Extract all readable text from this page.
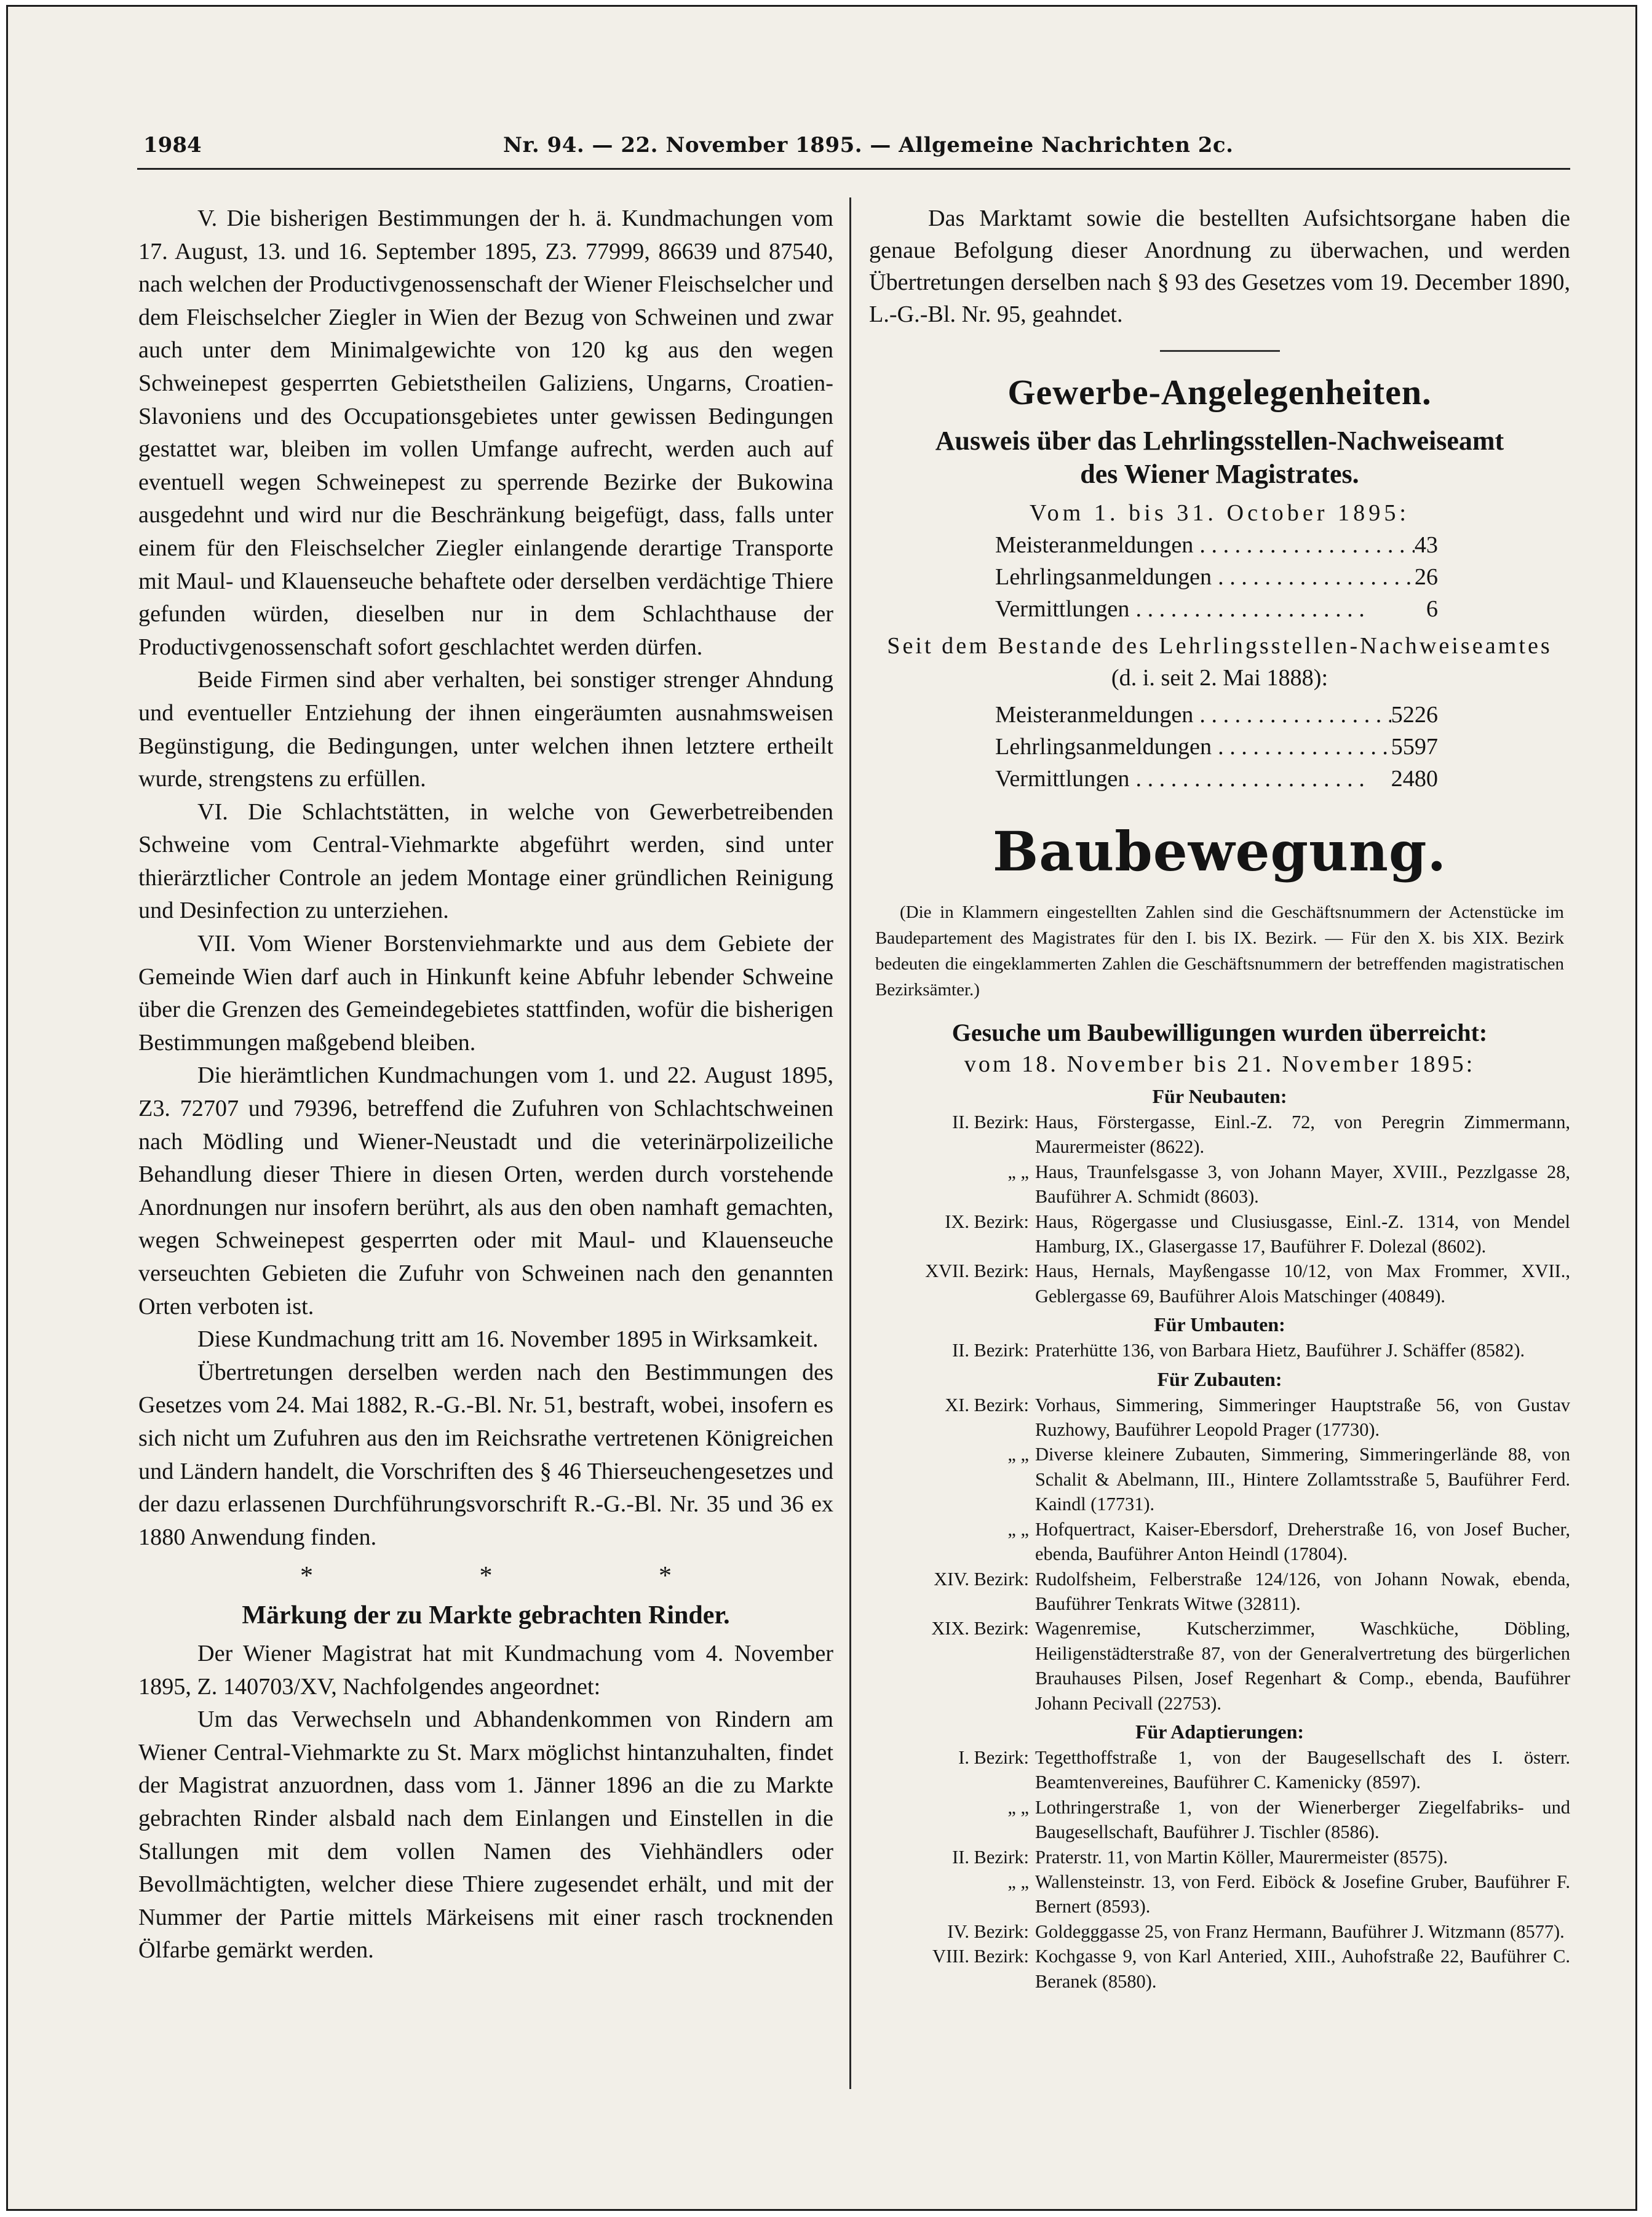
1984	Nr. 94. — 22. November 1895. — Allgemeine Nachrichten 2c.

V. Die bisherigen Bestimmungen der h. ä. Kundmachungen vom 17. August, 13. und 16. September 1895, Z3. 77999, 86639 und 87540, nach welchen der Productivgenossenschaft der Wiener Fleischselcher und dem Fleischselcher Ziegler in Wien der Bezug von Schweinen und zwar auch unter dem Minimalgewichte von 120 kg aus den wegen Schweinepest gesperrten Gebietstheilen Galiziens, Ungarns, Croatien-Slavoniens und des Occupationsgebietes unter gewissen Bedingungen gestattet war, bleiben im vollen Umfange aufrecht, werden auch auf eventuell wegen Schweinepest zu sperrende Bezirke der Bukowina ausgedehnt und wird nur die Beschränkung beigefügt, dass, falls unter einem für den Fleischselcher Ziegler einlangende derartige Transporte mit Maul- und Klauenseuche behaftete oder derselben verdächtige Thiere gefunden würden, dieselben nur in dem Schlachthause der Productivgenossenschaft sofort geschlachtet werden dürfen.

Beide Firmen sind aber verhalten, bei sonstiger strenger Ahndung und eventueller Entziehung der ihnen eingeräumten ausnahmsweisen Begünstigung, die Bedingungen, unter welchen ihnen letztere ertheilt wurde, strengstens zu erfüllen.

VI. Die Schlachtstätten, in welche von Gewerbetreibenden Schweine vom Central-Viehmarkte abgeführt werden, sind unter thierärztlicher Controle an jedem Montage einer gründlichen Reinigung und Desinfection zu unterziehen.

VII. Vom Wiener Borstenviehmarkte und aus dem Gebiete der Gemeinde Wien darf auch in Hinkunft keine Abfuhr lebender Schweine über die Grenzen des Gemeindegebietes stattfinden, wofür die bisherigen Bestimmungen maßgebend bleiben.

Die hierämtlichen Kundmachungen vom 1. und 22. August 1895, Z3. 72707 und 79396, betreffend die Zufuhren von Schlachtschweinen nach Mödling und Wiener-Neustadt und die veterinärpolizeiliche Behandlung dieser Thiere in diesen Orten, werden durch vorstehende Anordnungen nur insofern berührt, als aus den oben namhaft gemachten, wegen Schweinepest gesperrten oder mit Maul- und Klauenseuche verseuchten Gebieten die Zufuhr von Schweinen nach den genannten Orten verboten ist.

Diese Kundmachung tritt am 16. November 1895 in Wirksamkeit.

Übertretungen derselben werden nach den Bestimmungen des Gesetzes vom 24. Mai 1882, R.-G.-Bl. Nr. 51, bestraft, wobei, insofern es sich nicht um Zufuhren aus den im Reichsrathe vertretenen Königreichen und Ländern handelt, die Vorschriften des § 46 Thierseuchengesetzes und der dazu erlassenen Durchführungsvorschrift R.-G.-Bl. Nr. 35 und 36 ex 1880 Anwendung finden.

* * *
Märkung der zu Markte gebrachten Rinder.

Der Wiener Magistrat hat mit Kundmachung vom 4. November 1895, Z. 140703/XV, Nachfolgendes angeordnet:

Um das Verwechseln und Abhandenkommen von Rindern am Wiener Central-Viehmarkte zu St. Marx möglichst hintanzuhalten, findet der Magistrat anzuordnen, dass vom 1. Jänner 1896 an die zu Markte gebrachten Rinder alsbald nach dem Einlangen und Einstellen in die Stallungen mit dem vollen Namen des Viehhändlers oder Bevollmächtigten, welcher diese Thiere zugesendet erhält, und mit der Nummer der Partie mittels Märkeisens mit einer rasch trocknenden Ölfarbe gemärkt werden.

Das Marktamt sowie die bestellten Aufsichtsorgane haben die genaue Befolgung dieser Anordnung zu überwachen, und werden Übertretungen derselben nach § 93 des Gesetzes vom 19. December 1890, L.-G.-Bl. Nr. 95, geahndet.

Gewerbe-Angelegenheiten.
Ausweis über das Lehrlingsstellen-Nachweiseamt
des Wiener Magistrates.
Vom 1. bis 31. October 1895:
Meisteranmeldungen . .	43
Lehrlingsanmeldungen . .	26
Vermittlungen . .	6
Seit dem Bestande des Lehrlingsstellen-Nachweiseamtes
(d. i. seit 2. Mai 1888):
Meisteranmeldungen . .	5226
Lehrlingsanmeldungen . .	5597
Vermittlungen . .	2480
Baubewegung.

(Die in Klammern eingestellten Zahlen sind die Geschäftsnummern der Actenstücke im Baudepartement des Magistrates für den I. bis IX. Bezirk. — Für den X. bis XIX. Bezirk bedeuten die eingeklammerten Zahlen die Geschäftsnummern der betreffenden magistratischen Bezirksämter.)

Gesuche um Baubewilligungen wurden überreicht:
vom 18. November bis 21. November 1895:
Für Neubauten:
II. Bezirk: Haus, Förstergasse, Einl.-Z. 72, von Peregrin Zimmermann, Maurermeister (8622).
„ „ Haus, Traunfelsgasse 3, von Johann Mayer, XVIII., Pezzlgasse 28, Bauführer A. Schmidt (8603).
IX. Bezirk: Haus, Rögergasse und Clusiusgasse, Einl.-Z. 1314, von Mendel Hamburg, IX., Glasergasse 17, Bauführer F. Dolezal (8602).
XVII. Bezirk: Haus, Hernals, Mayßengasse 10/12, von Max Frommer, XVII., Geblergasse 69, Bauführer Alois Matschinger (40849).
Für Umbauten:
II. Bezirk: Praterhütte 136, von Barbara Hietz, Bauführer J. Schäffer (8582).
Für Zubauten:
XI. Bezirk: Vorhaus, Simmering, Simmeringer Hauptstraße 56, von Gustav Ruzhowy, Bauführer Leopold Prager (17730).
„ „ Diverse kleinere Zubauten, Simmering, Simmeringerlände 88, von Schalit & Abelmann, III., Hintere Zollamtsstraße 5, Bauführer Ferd. Kaindl (17731).
„ „ Hofquertract, Kaiser-Ebersdorf, Dreherstraße 16, von Josef Bucher, ebenda, Bauführer Anton Heindl (17804).
XIV. Bezirk: Rudolfsheim, Felberstraße 124/126, von Johann Nowak, ebenda, Bauführer Tenkrats Witwe (32811).
XIX. Bezirk: Wagenremise, Kutscherzimmer, Waschküche, Döbling, Heiligenstädterstraße 87, von der Generalvertretung des bürgerlichen Brauhauses Pilsen, Josef Regenhart & Comp., ebenda, Bauführer Johann Pecivall (22753).
Für Adaptierungen:
I. Bezirk: Tegetthoffstraße 1, von der Baugesellschaft des I. österr. Beamtenvereines, Bauführer C. Kamenicky (8597).
„ „ Lothringerstraße 1, von der Wienerberger Ziegelfabriks- und Baugesellschaft, Bauführer J. Tischler (8586).
II. Bezirk: Praterstr. 11, von Martin Köller, Maurermeister (8575).
„ „ Wallensteinstr. 13, von Ferd. Eiböck & Josefine Gruber, Bauführer F. Bernert (8593).
IV. Bezirk: Goldegggasse 25, von Franz Hermann, Bauführer J. Witzmann (8577).
VIII. Bezirk: Kochgasse 9, von Karl Anteried, XIII., Auhofstraße 22, Bauführer C. Beranek (8580).
